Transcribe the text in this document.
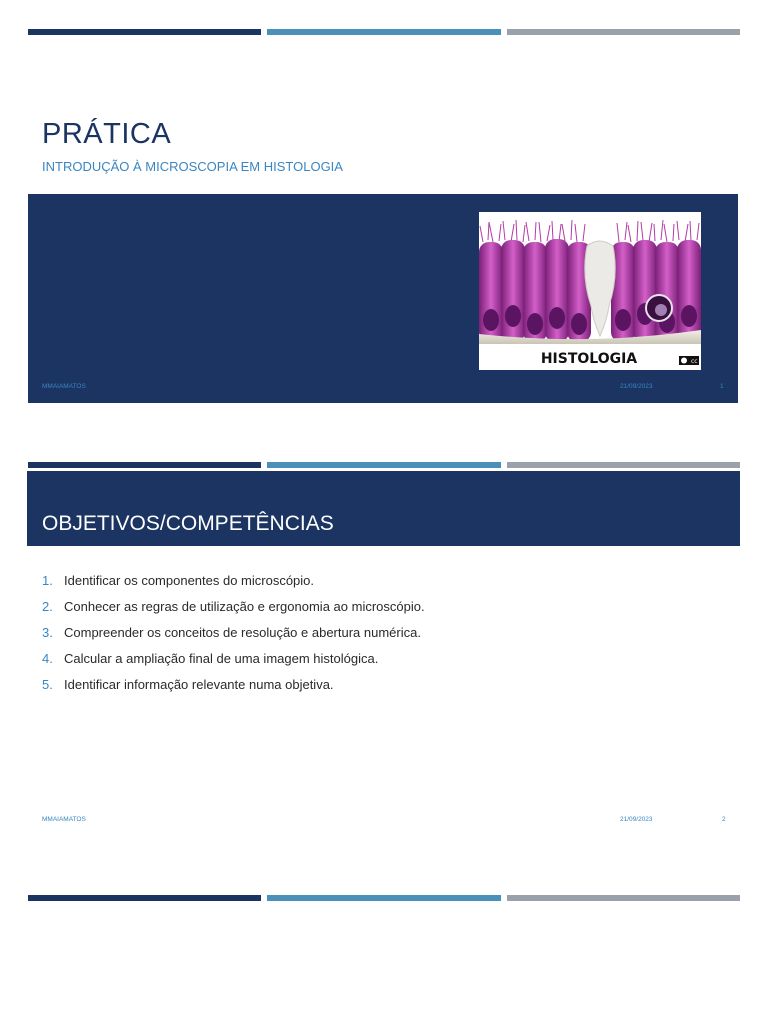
PRÁTICA
INTRODUÇÃO À MICROSCOPIA EM HISTOLOGIA
HISTOLOGIA	cc
MMAIAMATOS	21/09/2023	1
OBJETIVOS/COMPETÊNCIAS
1. Identificar os componentes do microscópio.
2. Conhecer as regras de utilização e ergonomia ao microscópio.
3. Compreender os conceitos de resolução e abertura numérica.
4. Calcular a ampliação final de uma imagem histológica.
5. Identificar informação relevante numa objetiva.
MMAIAMATOS	21/09/2023	2
